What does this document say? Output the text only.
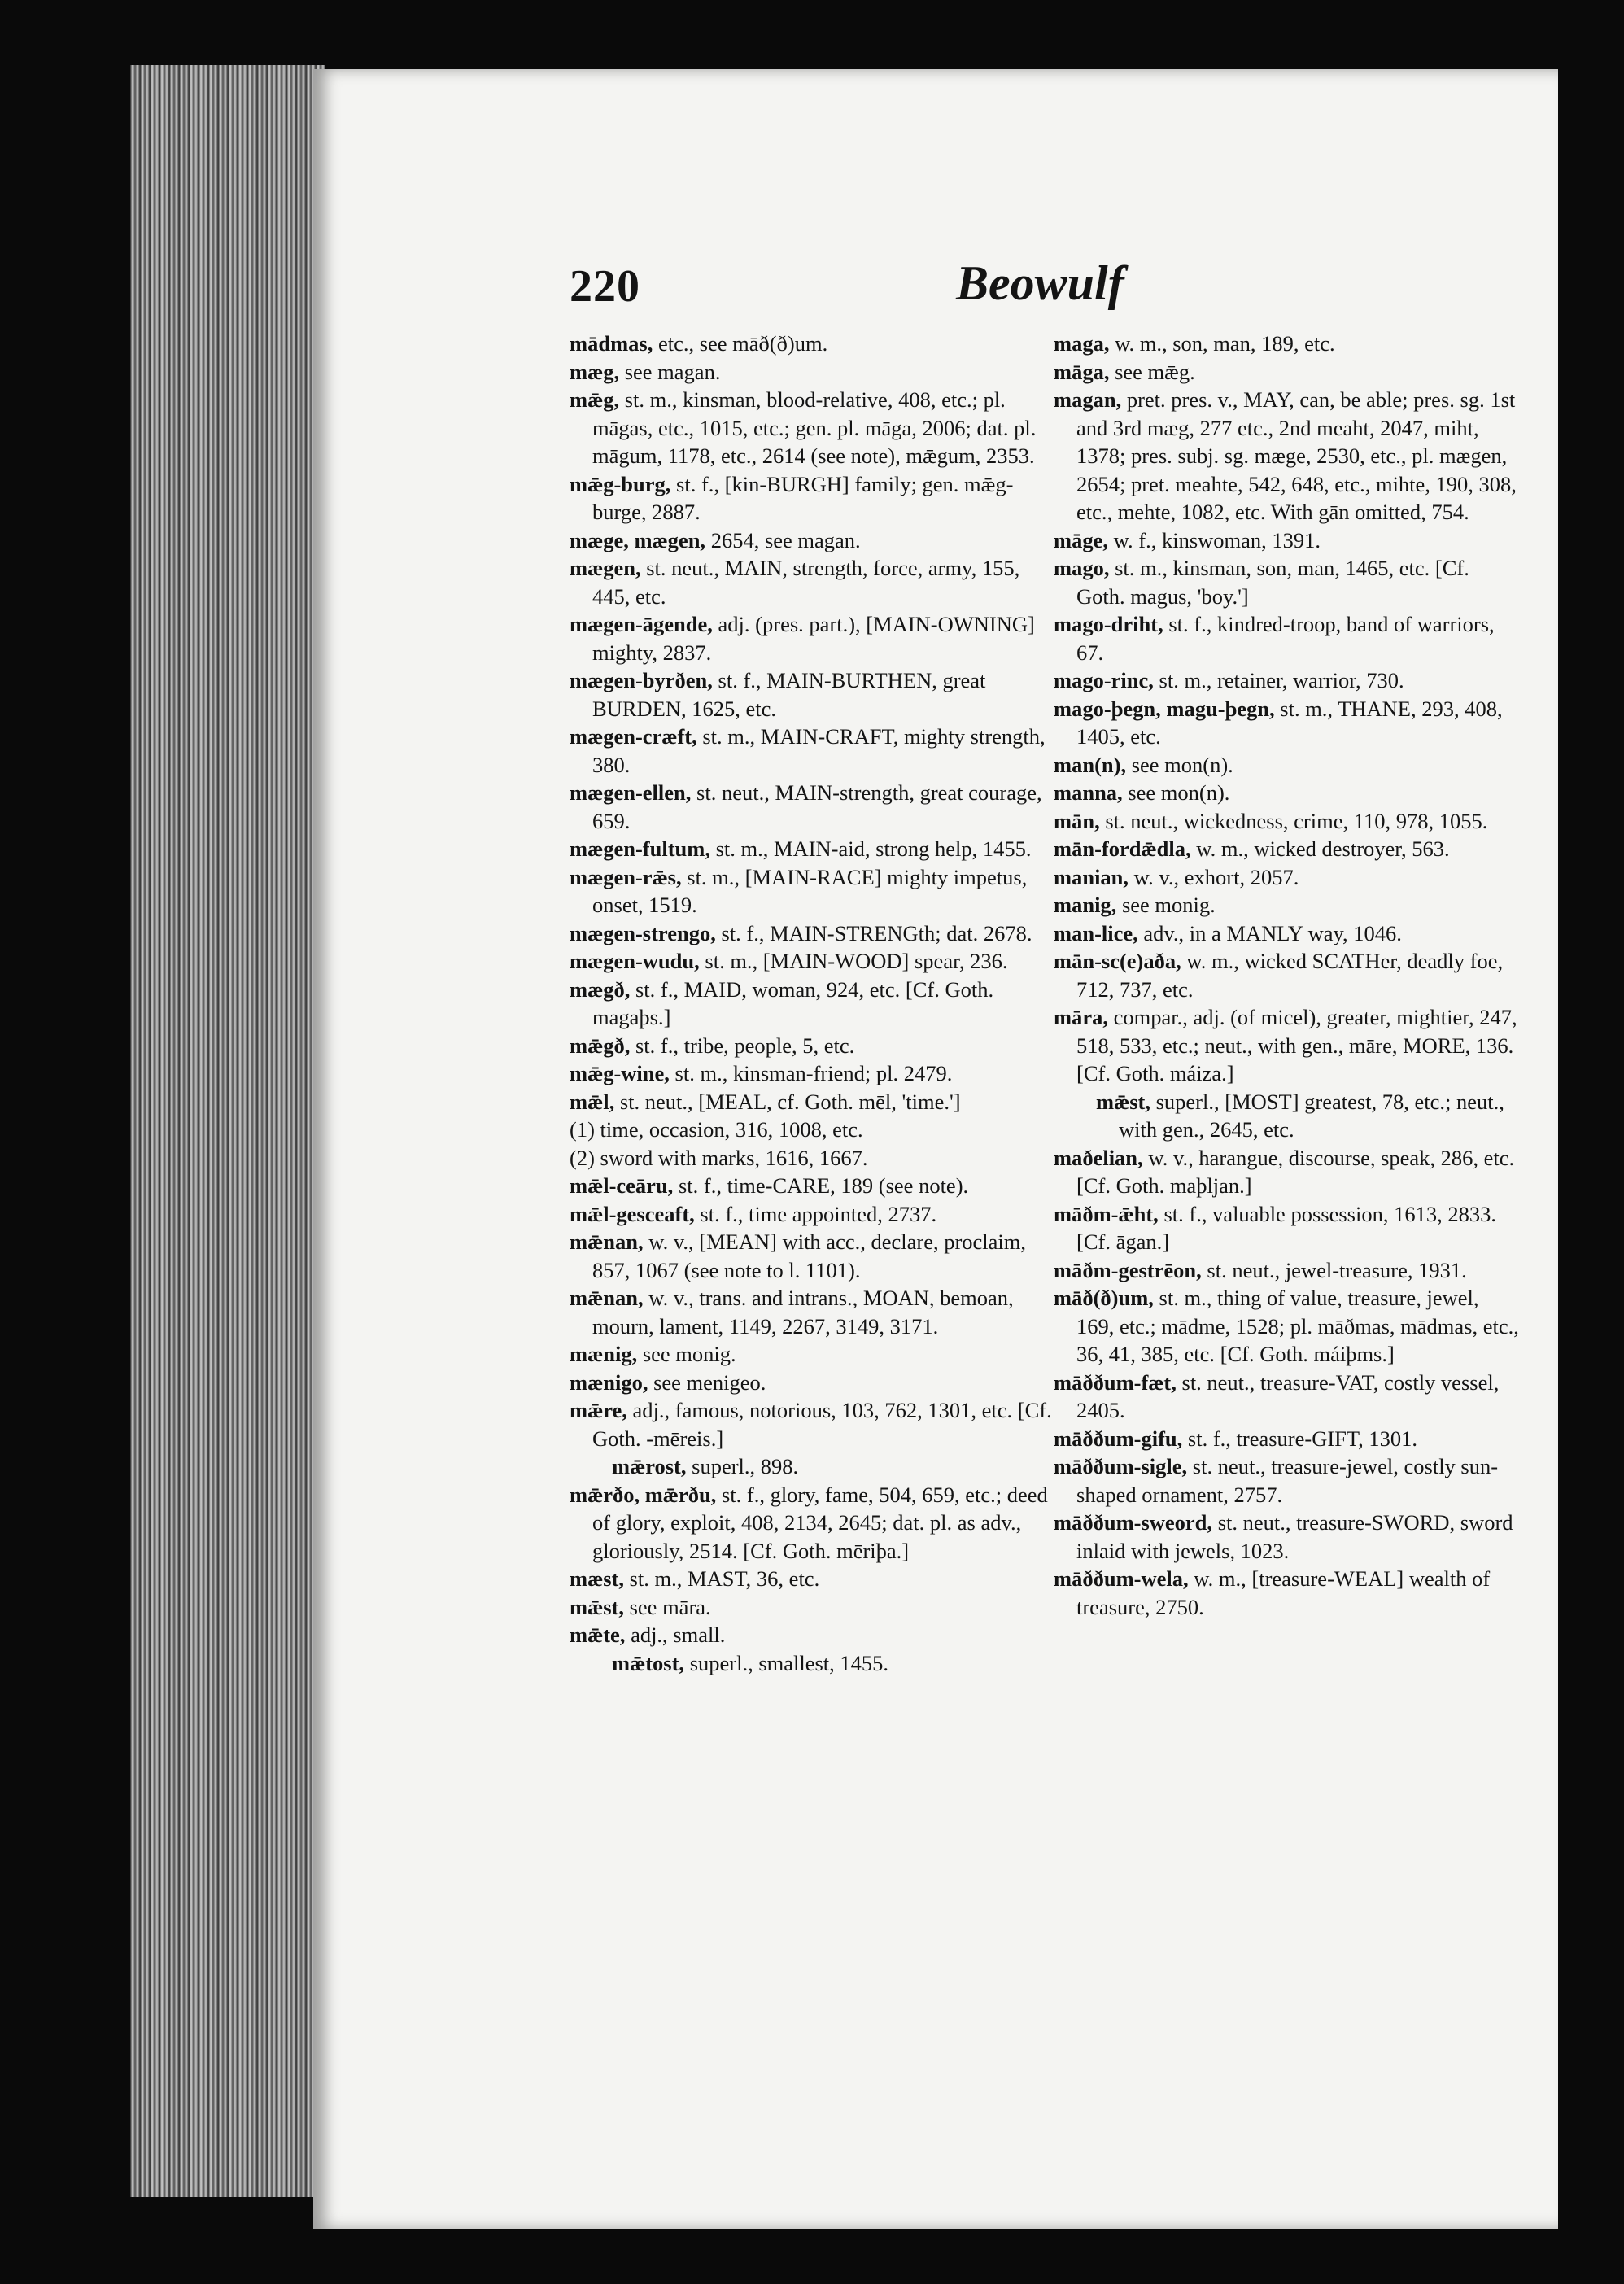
220	Beowulf

mādmas, etc., see māð(ð)um.

mæg, see magan.

mǣg, st. m., kinsman, blood-relative, 408, etc.; pl. māgas, etc., 1015, etc.; gen. pl. māga, 2006; dat. pl. māgum, 1178, etc., 2614 (see note), mǣgum, 2353.

mǣg-burg, st. f., [kin-BURGH] family; gen. mǣg-burge, 2887.

mæge, mægen, 2654, see magan.

mægen, st. neut., MAIN, strength, force, army, 155, 445, etc.

mægen-āgende, adj. (pres. part.), [MAIN-OWNING] mighty, 2837.

mægen-byrðen, st. f., MAIN-BURTHEN, great BURDEN, 1625, etc.

mægen-cræft, st. m., MAIN-CRAFT, mighty strength, 380.

mægen-ellen, st. neut., MAIN-strength, great courage, 659.

mægen-fultum, st. m., MAIN-aid, strong help, 1455.

mægen-rǣs, st. m., [MAIN-RACE] mighty impetus, onset, 1519.

mægen-strengo, st. f., MAIN-STRENGth; dat. 2678.

mægen-wudu, st. m., [MAIN-WOOD] spear, 236.

mægð, st. f., MAID, woman, 924, etc. [Cf. Goth. magaþs.]

mǣgð, st. f., tribe, people, 5, etc.

mǣg-wine, st. m., kinsman-friend; pl. 2479.

mǣl, st. neut., [MEAL, cf. Goth. mēl, 'time.']

(1) time, occasion, 316, 1008, etc.

(2) sword with marks, 1616, 1667.

mǣl-ceāru, st. f., time-CARE, 189 (see note).

mǣl-gesceaft, st. f., time appointed, 2737.

mǣnan, w. v., [MEAN] with acc., declare, proclaim, 857, 1067 (see note to l. 1101).

mǣnan, w. v., trans. and intrans., MOAN, bemoan, mourn, lament, 1149, 2267, 3149, 3171.

mænig, see monig.

mænigo, see menigeo.

mǣre, adj., famous, notorious, 103, 762, 1301, etc. [Cf. Goth. -mēreis.]

mǣrost, superl., 898.

mǣrðo, mǣrðu, st. f., glory, fame, 504, 659, etc.; deed of glory, exploit, 408, 2134, 2645; dat. pl. as adv., gloriously, 2514. [Cf. Goth. mēriþa.]

mæst, st. m., MAST, 36, etc.

mǣst, see māra.

mǣte, adj., small.

mǣtost, superl., smallest, 1455.

maga, w. m., son, man, 189, etc.

māga, see mǣg.

magan, pret. pres. v., MAY, can, be able; pres. sg. 1st and 3rd mæg, 277 etc., 2nd meaht, 2047, miht, 1378; pres. subj. sg. mæge, 2530, etc., pl. mægen, 2654; pret. meahte, 542, 648, etc., mihte, 190, 308, etc., mehte, 1082, etc. With gān omitted, 754.

māge, w. f., kinswoman, 1391.

mago, st. m., kinsman, son, man, 1465, etc. [Cf. Goth. magus, 'boy.']

mago-driht, st. f., kindred-troop, band of warriors, 67.

mago-rinc, st. m., retainer, warrior, 730.

mago-þegn, magu-þegn, st. m., THANE, 293, 408, 1405, etc.

man(n), see mon(n).

manna, see mon(n).

mān, st. neut., wickedness, crime, 110, 978, 1055.

mān-fordǣdla, w. m., wicked destroyer, 563.

manian, w. v., exhort, 2057.

manig, see monig.

man-lice, adv., in a MANLY way, 1046.

mān-sc(e)aða, w. m., wicked SCATHer, deadly foe, 712, 737, etc.

māra, compar., adj. (of micel), greater, mightier, 247, 518, 533, etc.; neut., with gen., māre, MORE, 136. [Cf. Goth. máiza.]

mǣst, superl., [MOST] greatest, 78, etc.; neut., with gen., 2645, etc.

maðelian, w. v., harangue, discourse, speak, 286, etc. [Cf. Goth. maþljan.]

māðm-ǣht, st. f., valuable possession, 1613, 2833. [Cf. āgan.]

māðm-gestrēon, st. neut., jewel-treasure, 1931.

māð(ð)um, st. m., thing of value, treasure, jewel, 169, etc.; mādme, 1528; pl. māðmas, mādmas, etc., 36, 41, 385, etc. [Cf. Goth. máiþms.]

māððum-fæt, st. neut., treasure-VAT, costly vessel, 2405.

māððum-gifu, st. f., treasure-GIFT, 1301.

māððum-sigle, st. neut., treasure-jewel, costly sun-shaped ornament, 2757.

māððum-sweord, st. neut., treasure-SWORD, sword inlaid with jewels, 1023.

māððum-wela, w. m., [treasure-WEAL] wealth of treasure, 2750.
